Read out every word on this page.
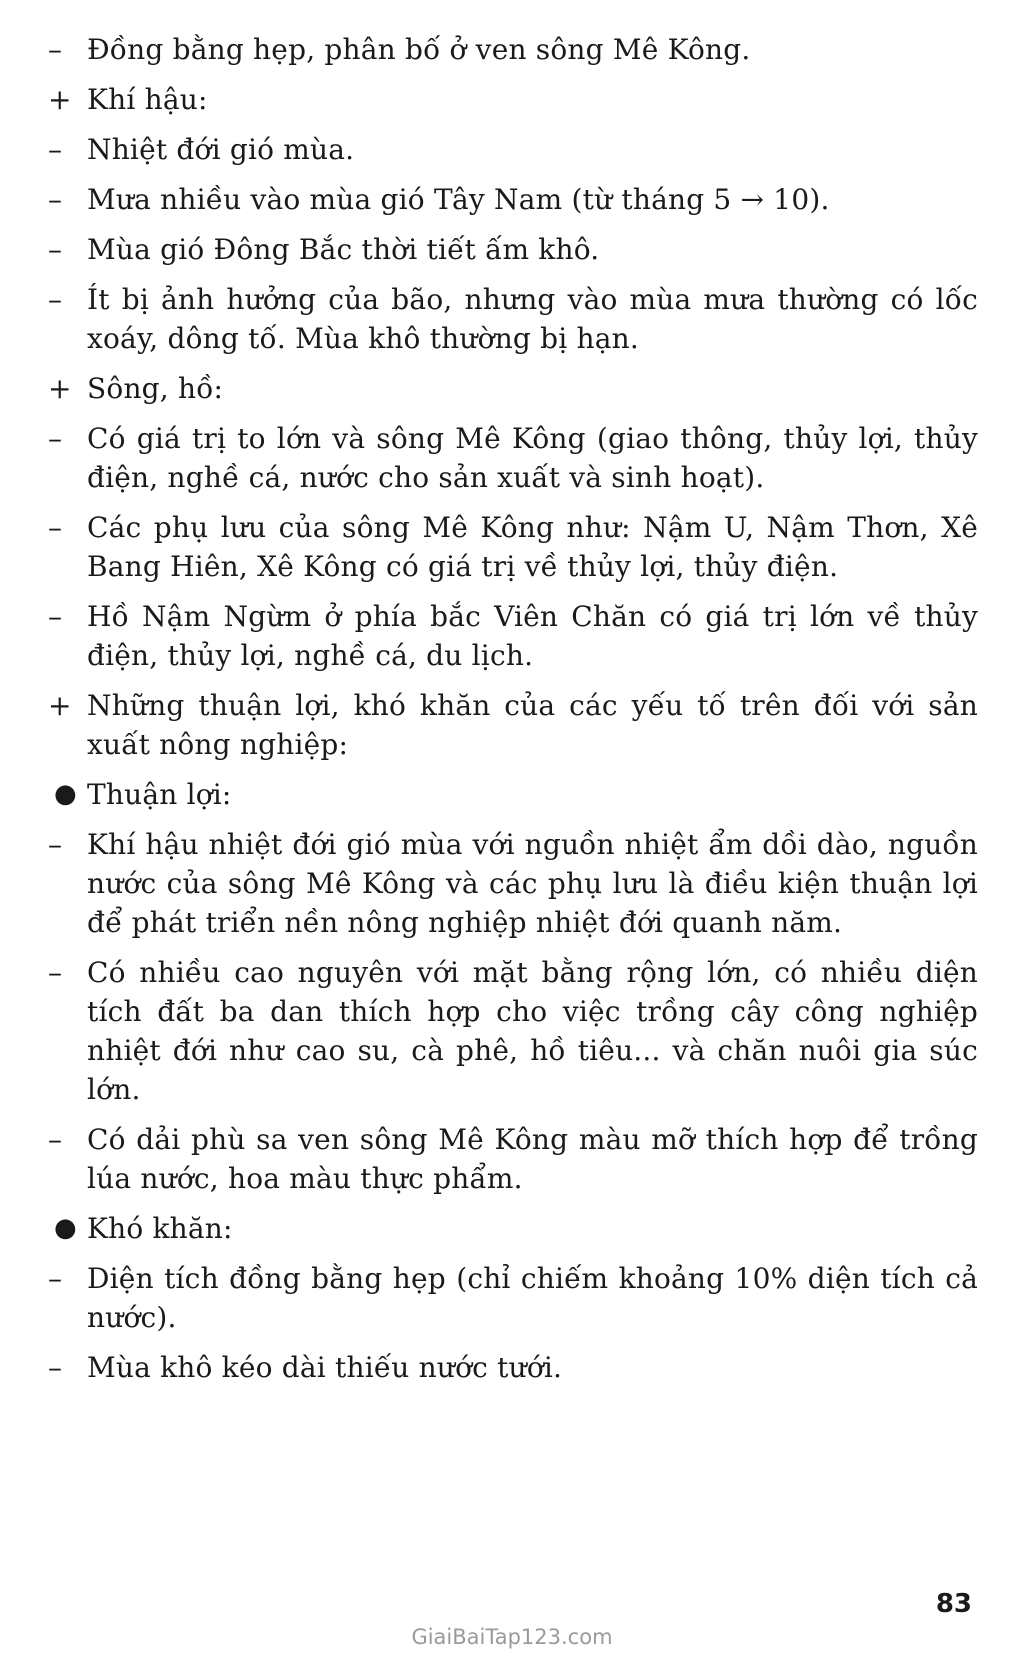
– Đồng bằng hẹp, phân bố ở ven sông Mê Kông.
+ Khí hậu:
– Nhiệt đới gió mùa.
– Mưa nhiều vào mùa gió Tây Nam (từ tháng 5 → 10).
– Mùa gió Đông Bắc thời tiết ấm khô.
– Ít bị ảnh hưởng của bão, nhưng vào mùa mưa thường có lốc xoáy, dông tố. Mùa khô thường bị hạn.
+ Sông, hồ:
– Có giá trị to lớn và sông Mê Kông (giao thông, thủy lợi, thủy điện, nghề cá, nước cho sản xuất và sinh hoạt).
– Các phụ lưu của sông Mê Kông như: Nậm U, Nậm Thơn, Xê Bang Hiên, Xê Kông có giá trị về thủy lợi, thủy điện.
– Hồ Nậm Ngừm ở phía bắc Viên Chăn có giá trị lớn về thủy điện, thủy lợi, nghề cá, du lịch.
+ Những thuận lợi, khó khăn của các yếu tố trên đối với sản xuất nông nghiệp:
● Thuận lợi:
– Khí hậu nhiệt đới gió mùa với nguồn nhiệt ẩm dồi dào, nguồn nước của sông Mê Kông và các phụ lưu là điều kiện thuận lợi để phát triển nền nông nghiệp nhiệt đới quanh năm.
– Có nhiều cao nguyên với mặt bằng rộng lớn, có nhiều diện tích đất ba dan thích hợp cho việc trồng cây công nghiệp nhiệt đới như cao su, cà phê, hồ tiêu... và chăn nuôi gia súc lớn.
– Có dải phù sa ven sông Mê Kông màu mỡ thích hợp để trồng lúa nước, hoa màu thực phẩm.
● Khó khăn:
– Diện tích đồng bằng hẹp (chỉ chiếm khoảng 10% diện tích cả nước).
– Mùa khô kéo dài thiếu nước tưới.
83
GiaiBaiTap123.com
